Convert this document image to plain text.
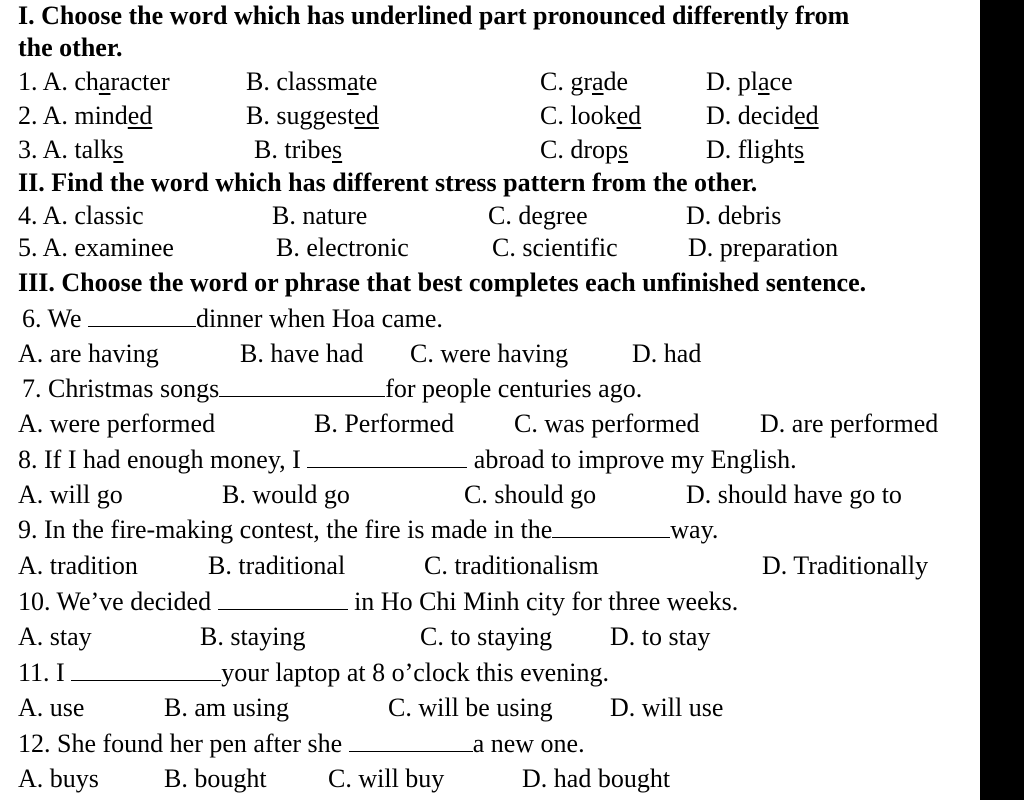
I. Choose the word which has underlined part pronounced differently from
the other.
1. A. character	B. classmate	C. grade	D. place
2. A. minded	B. suggested	C. looked D. decided
3. A. talks	B. tribes	C. drops	D. flights
II. Find the word which has different stress pattern from the other.
4. A. classic	B. nature	C. degree	D. debris
5. A. examinee	B. electronic	C. scientific	D. preparation
III. Choose the word or phrase that best completes each unfinished sentence.
6. We	dinner when Hoa came.
A. are having	B. have had C. were having D. had
7. Christmas songs	for people centuries ago.
A. were performed	B. Performed C. was performed D. are performed
8. If I had enough money, I	abroad to improve my English.
A. will go	B. would go	C. should go	D. should have go to
9. In the fire-making contest, the fire is made in the	way.
A. tradition	B. traditional	C. traditionalism	D. Traditionally
10. We’ve decided	in Ho Chi Minh city for three weeks.
A. stay	B. staying	C. to staying D. to stay
11. I	your laptop at 8 o’clock this evening.
A. use	B. am using	C. will be using D. will use
12. She found her pen after she	a new one.
A. buys	B. bought C. will buy	D. had bought
